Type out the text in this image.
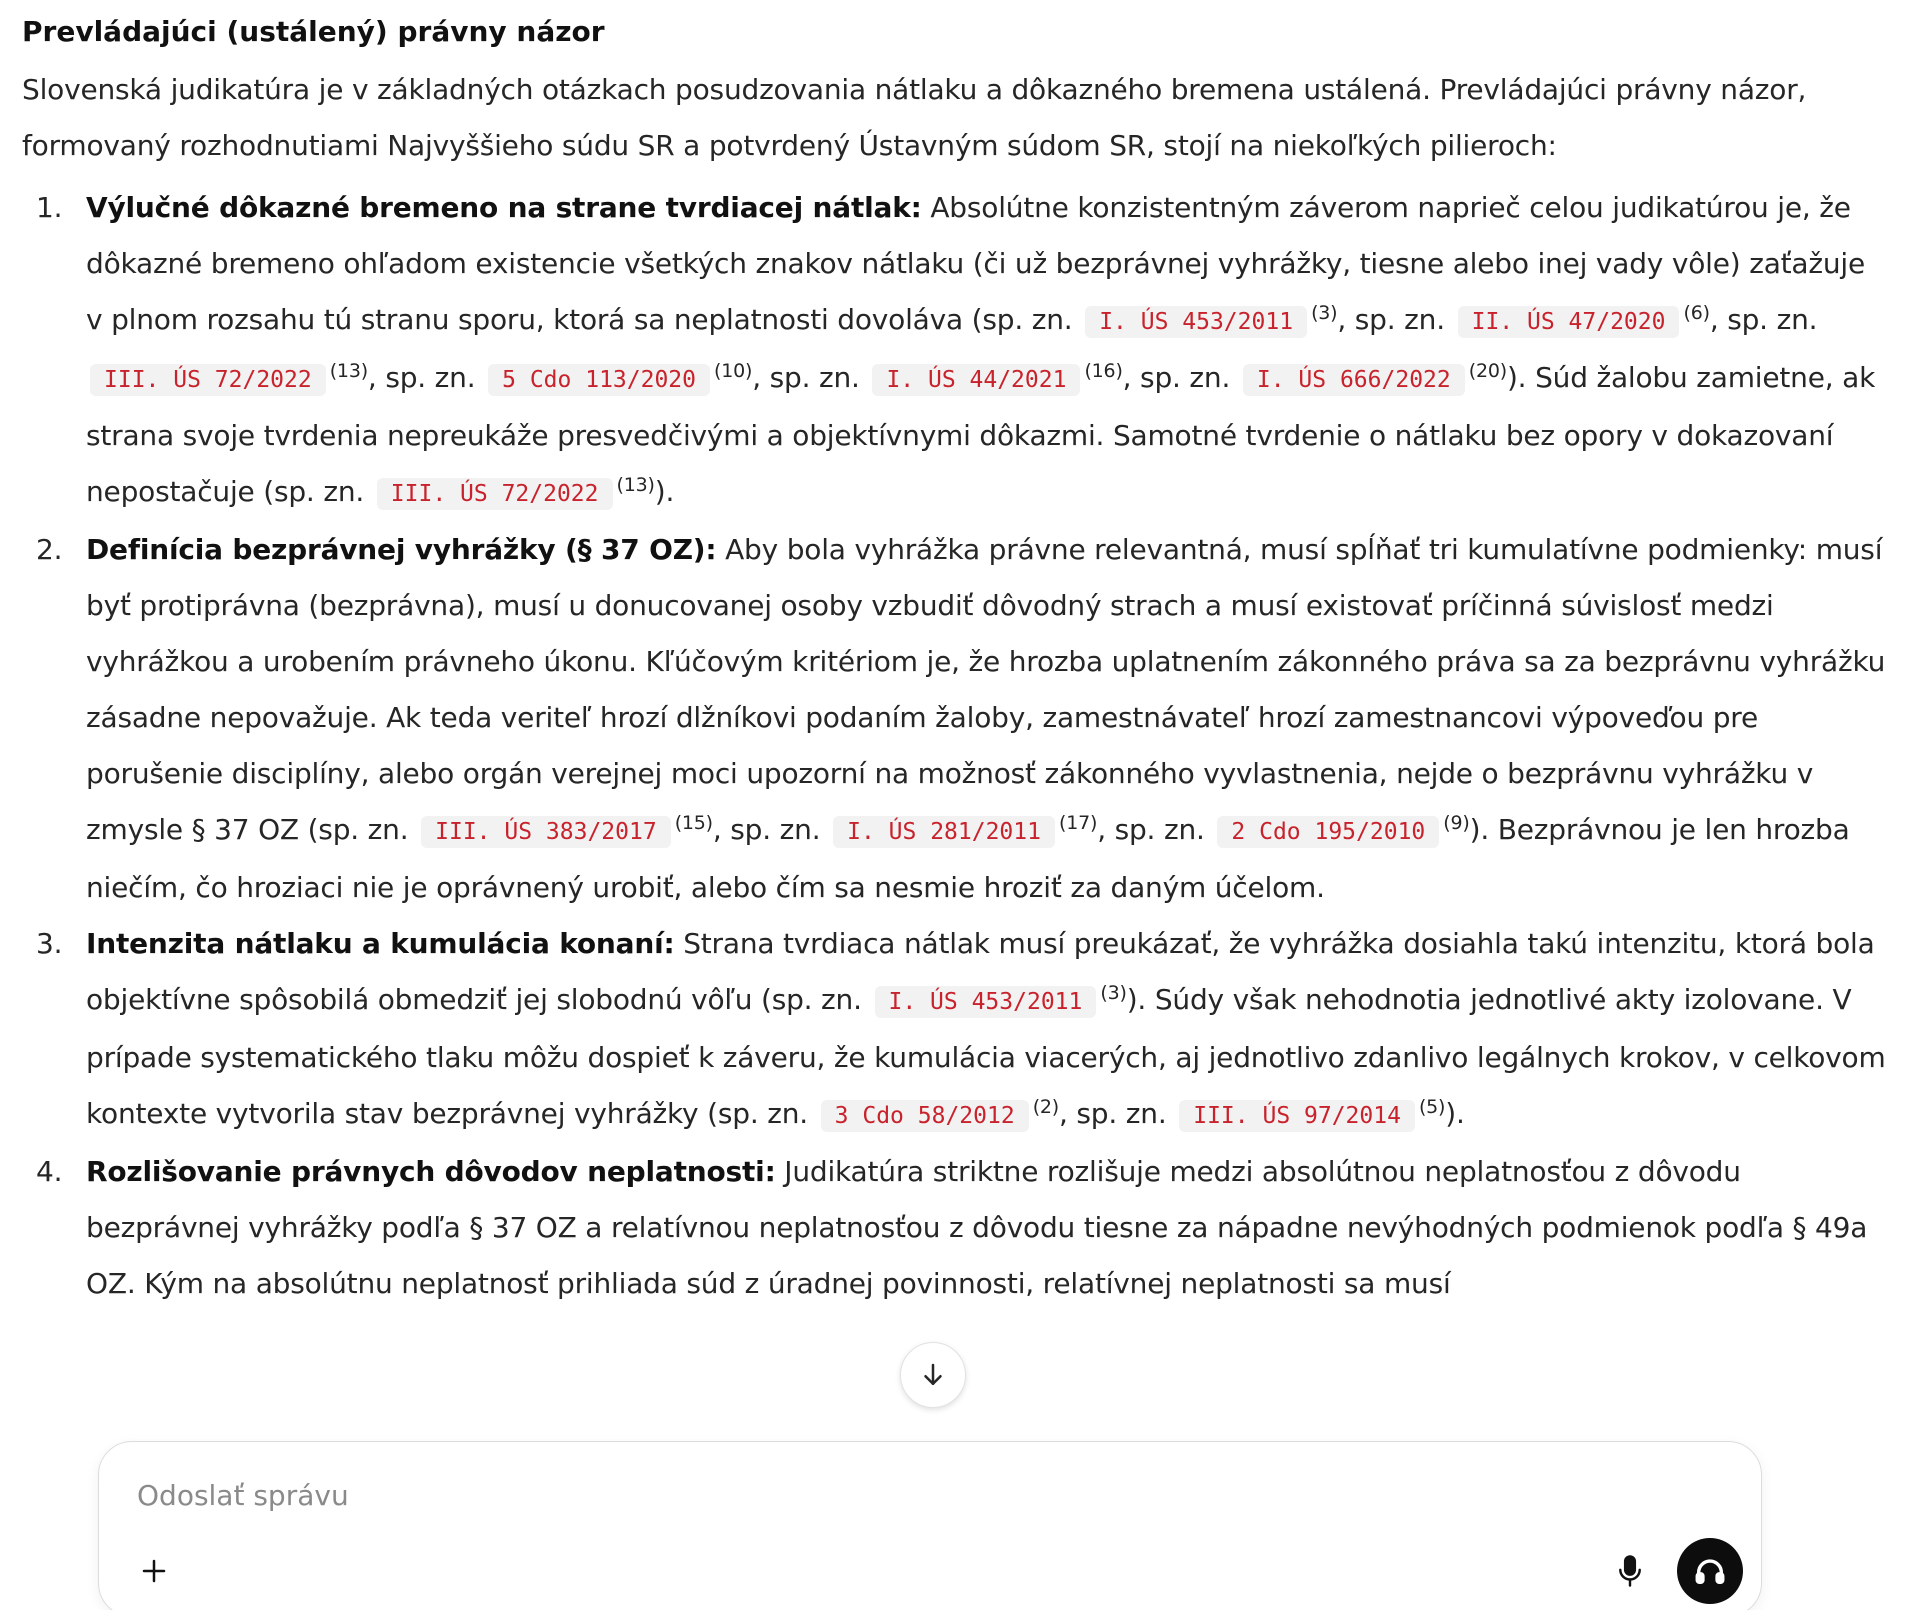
Prevládajúci (ustálený) právny názor

Slovenská judikatúra je v základných otázkach posudzovania nátlaku a dôkazného bremena ustálená. Prevládajúci právny názor, formovaný rozhodnutiami Najvyššieho súdu SR a potvrdený Ústavným súdom SR, stojí na niekoľkých pilieroch:

1. Výlučné dôkazné bremeno na strane tvrdiacej nátlak: Absolútne konzistentným záverom naprieč celou judikatúrou je, že dôkazné bremeno ohľadom existencie všetkých znakov nátlaku (či už bezprávnej vyhrážky, tiesne alebo inej vady vôle) zaťažuje v plnom rozsahu tú stranu sporu, ktorá sa neplatnosti dovoláva (sp. zn. I. ÚS 453/2011 $^{(3)}$, sp. zn. II. ÚS 47/2020 $^{(6)}$, sp. zn. III. ÚS 72/2022 $^{(13)}$, sp. zn. 5 Cdo 113/2020 $^{(10)}$, sp. zn. I. ÚS 44/2021 $^{(16)}$, sp. zn. I. ÚS 666/2022 $^{(20)}$). Súd žalobu zamietne, ak strana svoje tvrdenia nepreukáže presvedčivými a objektívnymi dôkazmi. Samotné tvrdenie o nátlaku bez opory v dokazovaní nepostačuje (sp. zn. III. ÚS 72/2022 $^{(13)}$).
2. Definícia bezprávnej vyhrážky (§ 37 OZ): Aby bola vyhrážka právne relevantná, musí spĺňať tri kumulatívne podmienky: musí byť protiprávna (bezprávna), musí u donucovanej osoby vzbudiť dôvodný strach a musí existovať príčinná súvislosť medzi vyhrážkou a urobením právneho úkonu. Kľúčovým kritériom je, že hrozba uplatnením zákonného práva sa za bezprávnu vyhrážku zásadne nepovažuje. Ak teda veriteľ hrozí dlžníkovi podaním žaloby, zamestnávateľ hrozí zamestnancovi výpoveďou pre porušenie disciplíny, alebo orgán verejnej moci upozorní na možnosť zákonného vyvlastnenia, nejde o bezprávnu vyhrážku v zmysle § 37 OZ (sp. zn. III. ÚS 383/2017 $^{(15)}$, sp. zn. I. ÚS 281/2011 $^{(17)}$, sp. zn. 2 Cdo 195/2010 $^{(9)}$). Bezprávnou je len hrozba niečím, čo hroziaci nie je oprávnený urobiť, alebo čím sa nesmie hroziť za daným účelom.
3. Intenzita nátlaku a kumulácia konaní: Strana tvrdiaca nátlak musí preukázať, že vyhrážka dosiahla takú intenzitu, ktorá bola objektívne spôsobilá obmedziť jej slobodnú vôľu (sp. zn. I. ÚS 453/2011 $^{(3)}$). Súdy však nehodnotia jednotlivé akty izolovane. V prípade systematického tlaku môžu dospieť k záveru, že kumulácia viacerých, aj jednotlivo zdanlivo legálnych krokov, v celkovom kontexte vytvorila stav bezprávnej vyhrážky (sp. zn. 3 Cdo 58/2012 $^{(2)}$, sp. zn. III. ÚS 97/2014 $^{(5)}$).
4. Rozlišovanie právnych dôvodov neplatnosti: Judikatúra striktne rozlišuje medzi absolútnou neplatnosťou z dôvodu bezprávnej vyhrážky podľa § 37 OZ a relatívnou neplatnosťou z dôvodu tiesne za nápadne nevýhodných podmienok podľa § 49a OZ. Kým na absolútnu neplatnosť prihliada súd z úradnej povinnosti, relatívnej neplatnosti sa musí
Odoslať správu
